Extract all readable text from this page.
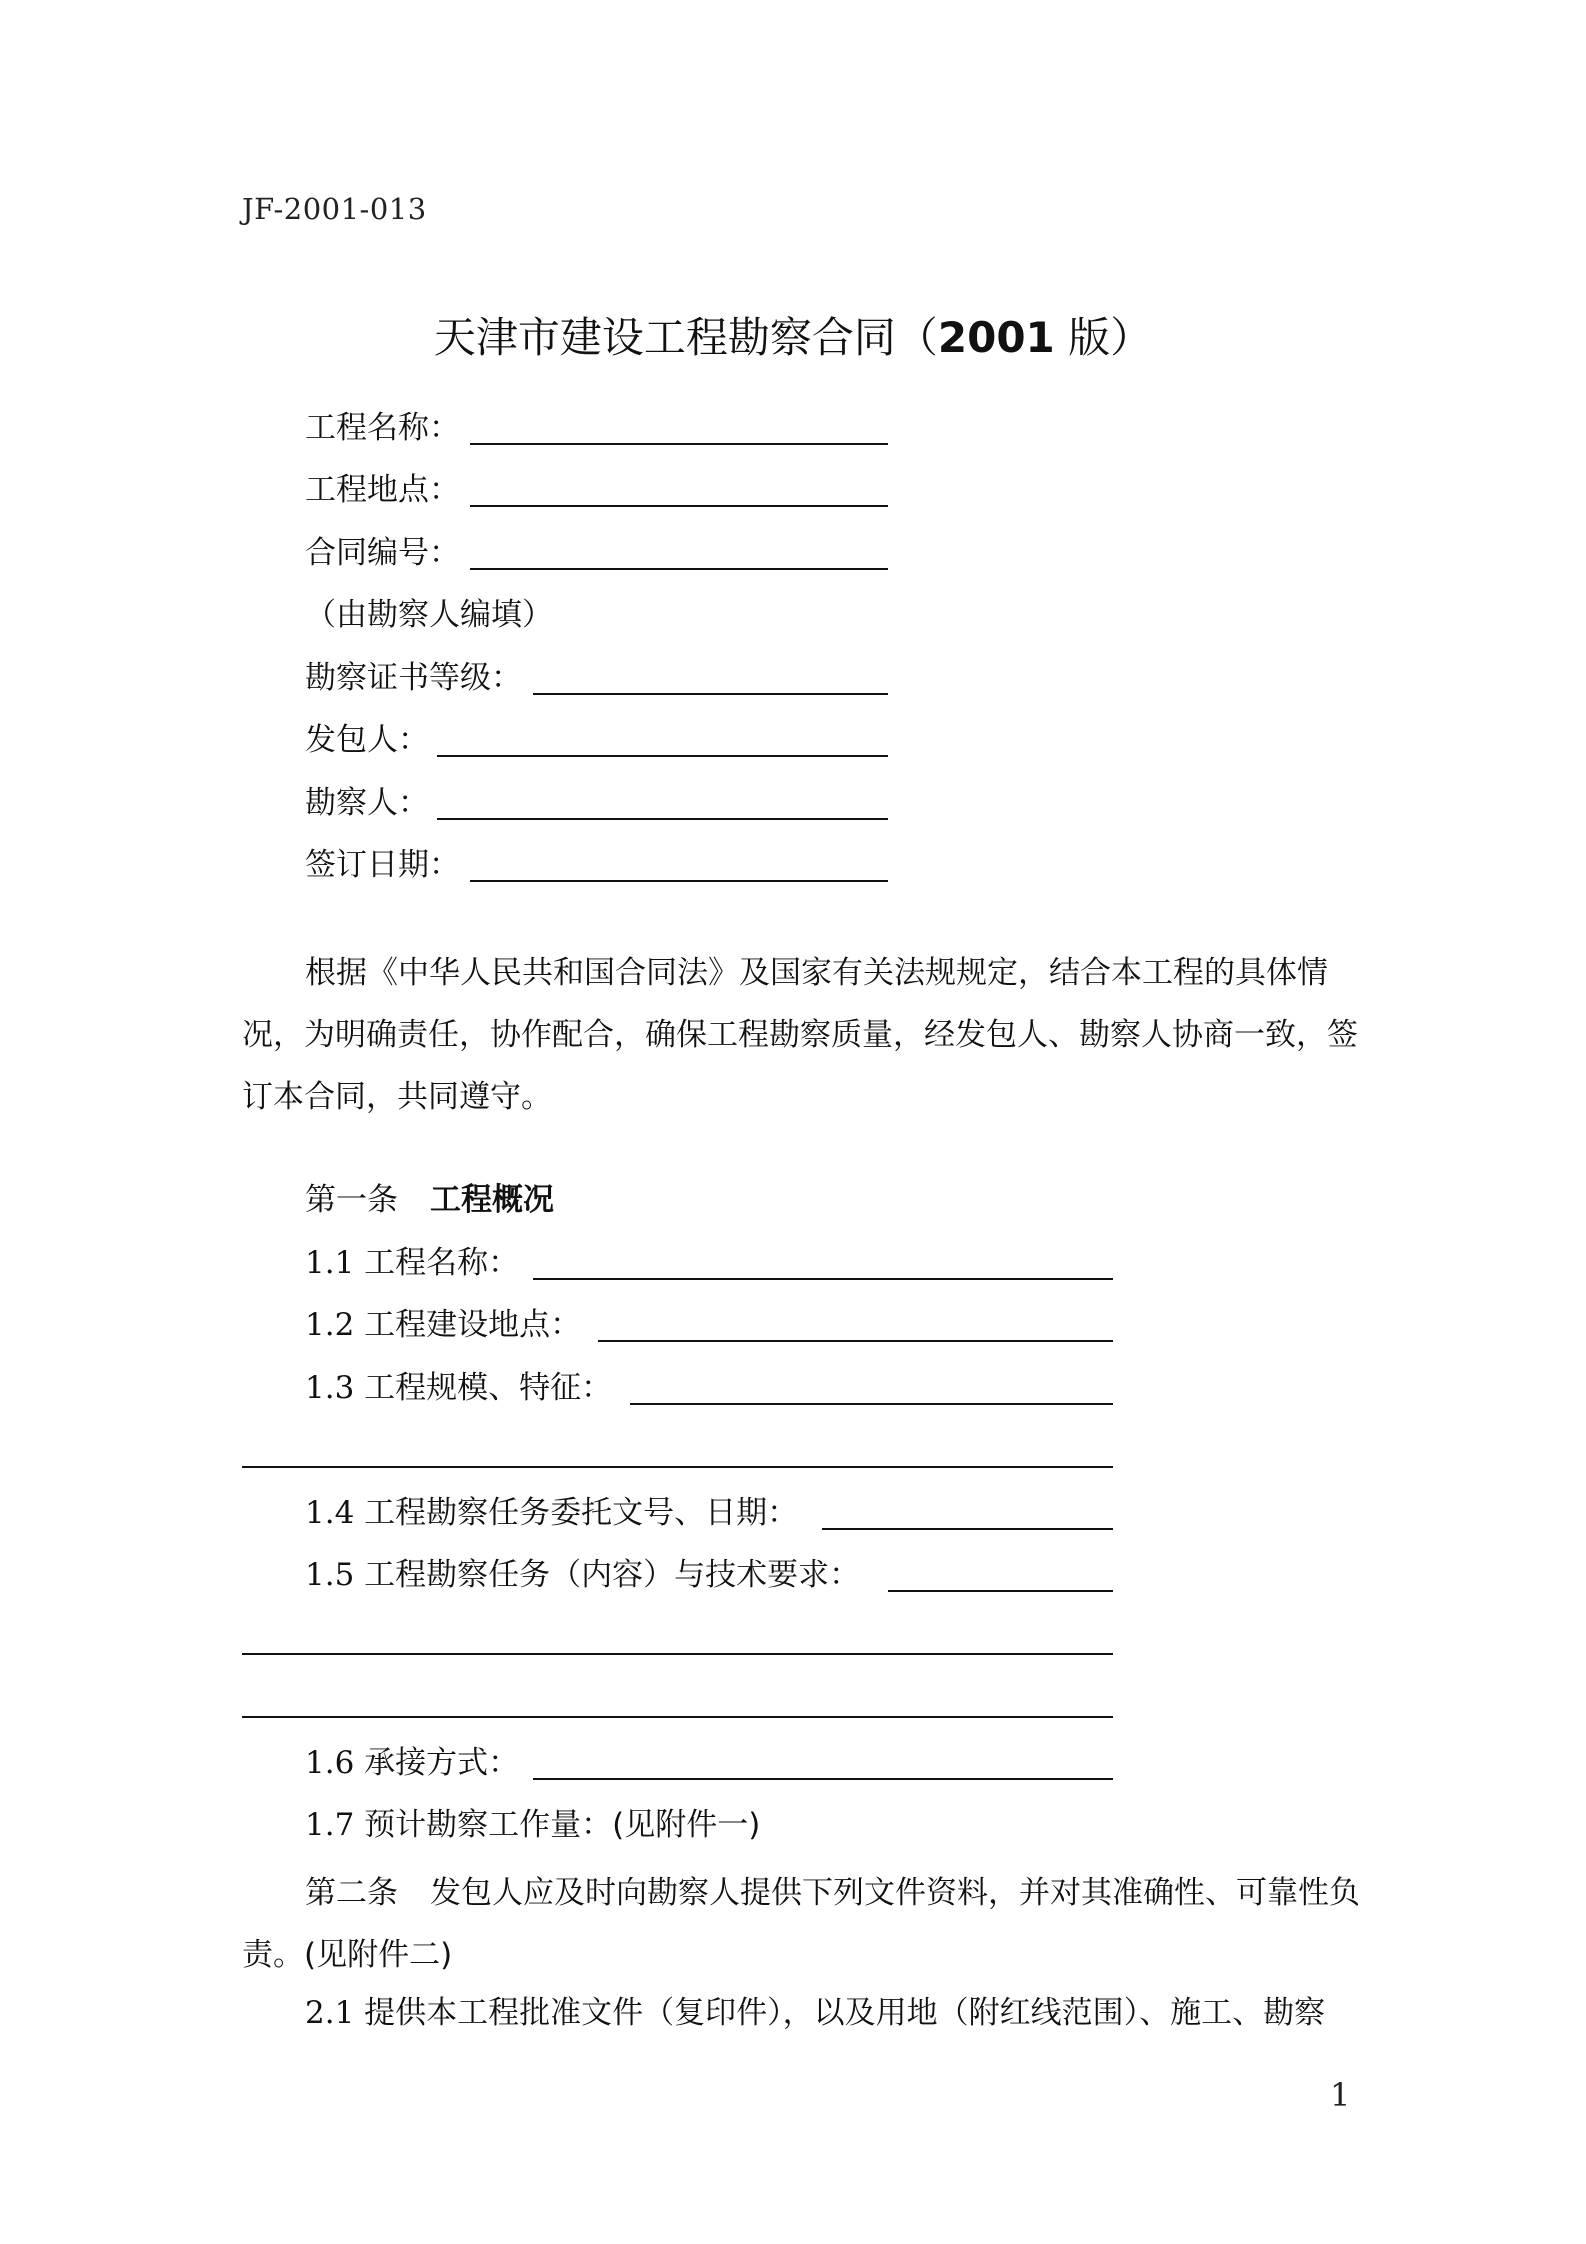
JF-2001-013
天津市建设工程勘察合同（2001 版）
工程名称：
工程地点：
合同编号：
（由勘察人编填）
勘察证书等级：
发包人：
勘察人：
签订日期：

根据《中华人民共和国合同法》及国家有关法规规定，结合本工程的具体情况，为明确责任，协作配合，确保工程勘察质量，经发包人、勘察人协商一致，签订本合同，共同遵守。

第一条 工程概况
1.1 工程名称：
1.2 工程建设地点：
1.3 工程规模、特征：
1.4 工程勘察任务委托文号、日期：
1.5 工程勘察任务（内容）与技术要求：
1.6 承接方式：
1.7 预计勘察工作量：(见附件一)

第二条 发包人应及时向勘察人提供下列文件资料，并对其准确性、可靠性负责。(见附件二)

2.1 提供本工程批准文件（复印件），以及用地（附红线范围）、施工、勘察
1
